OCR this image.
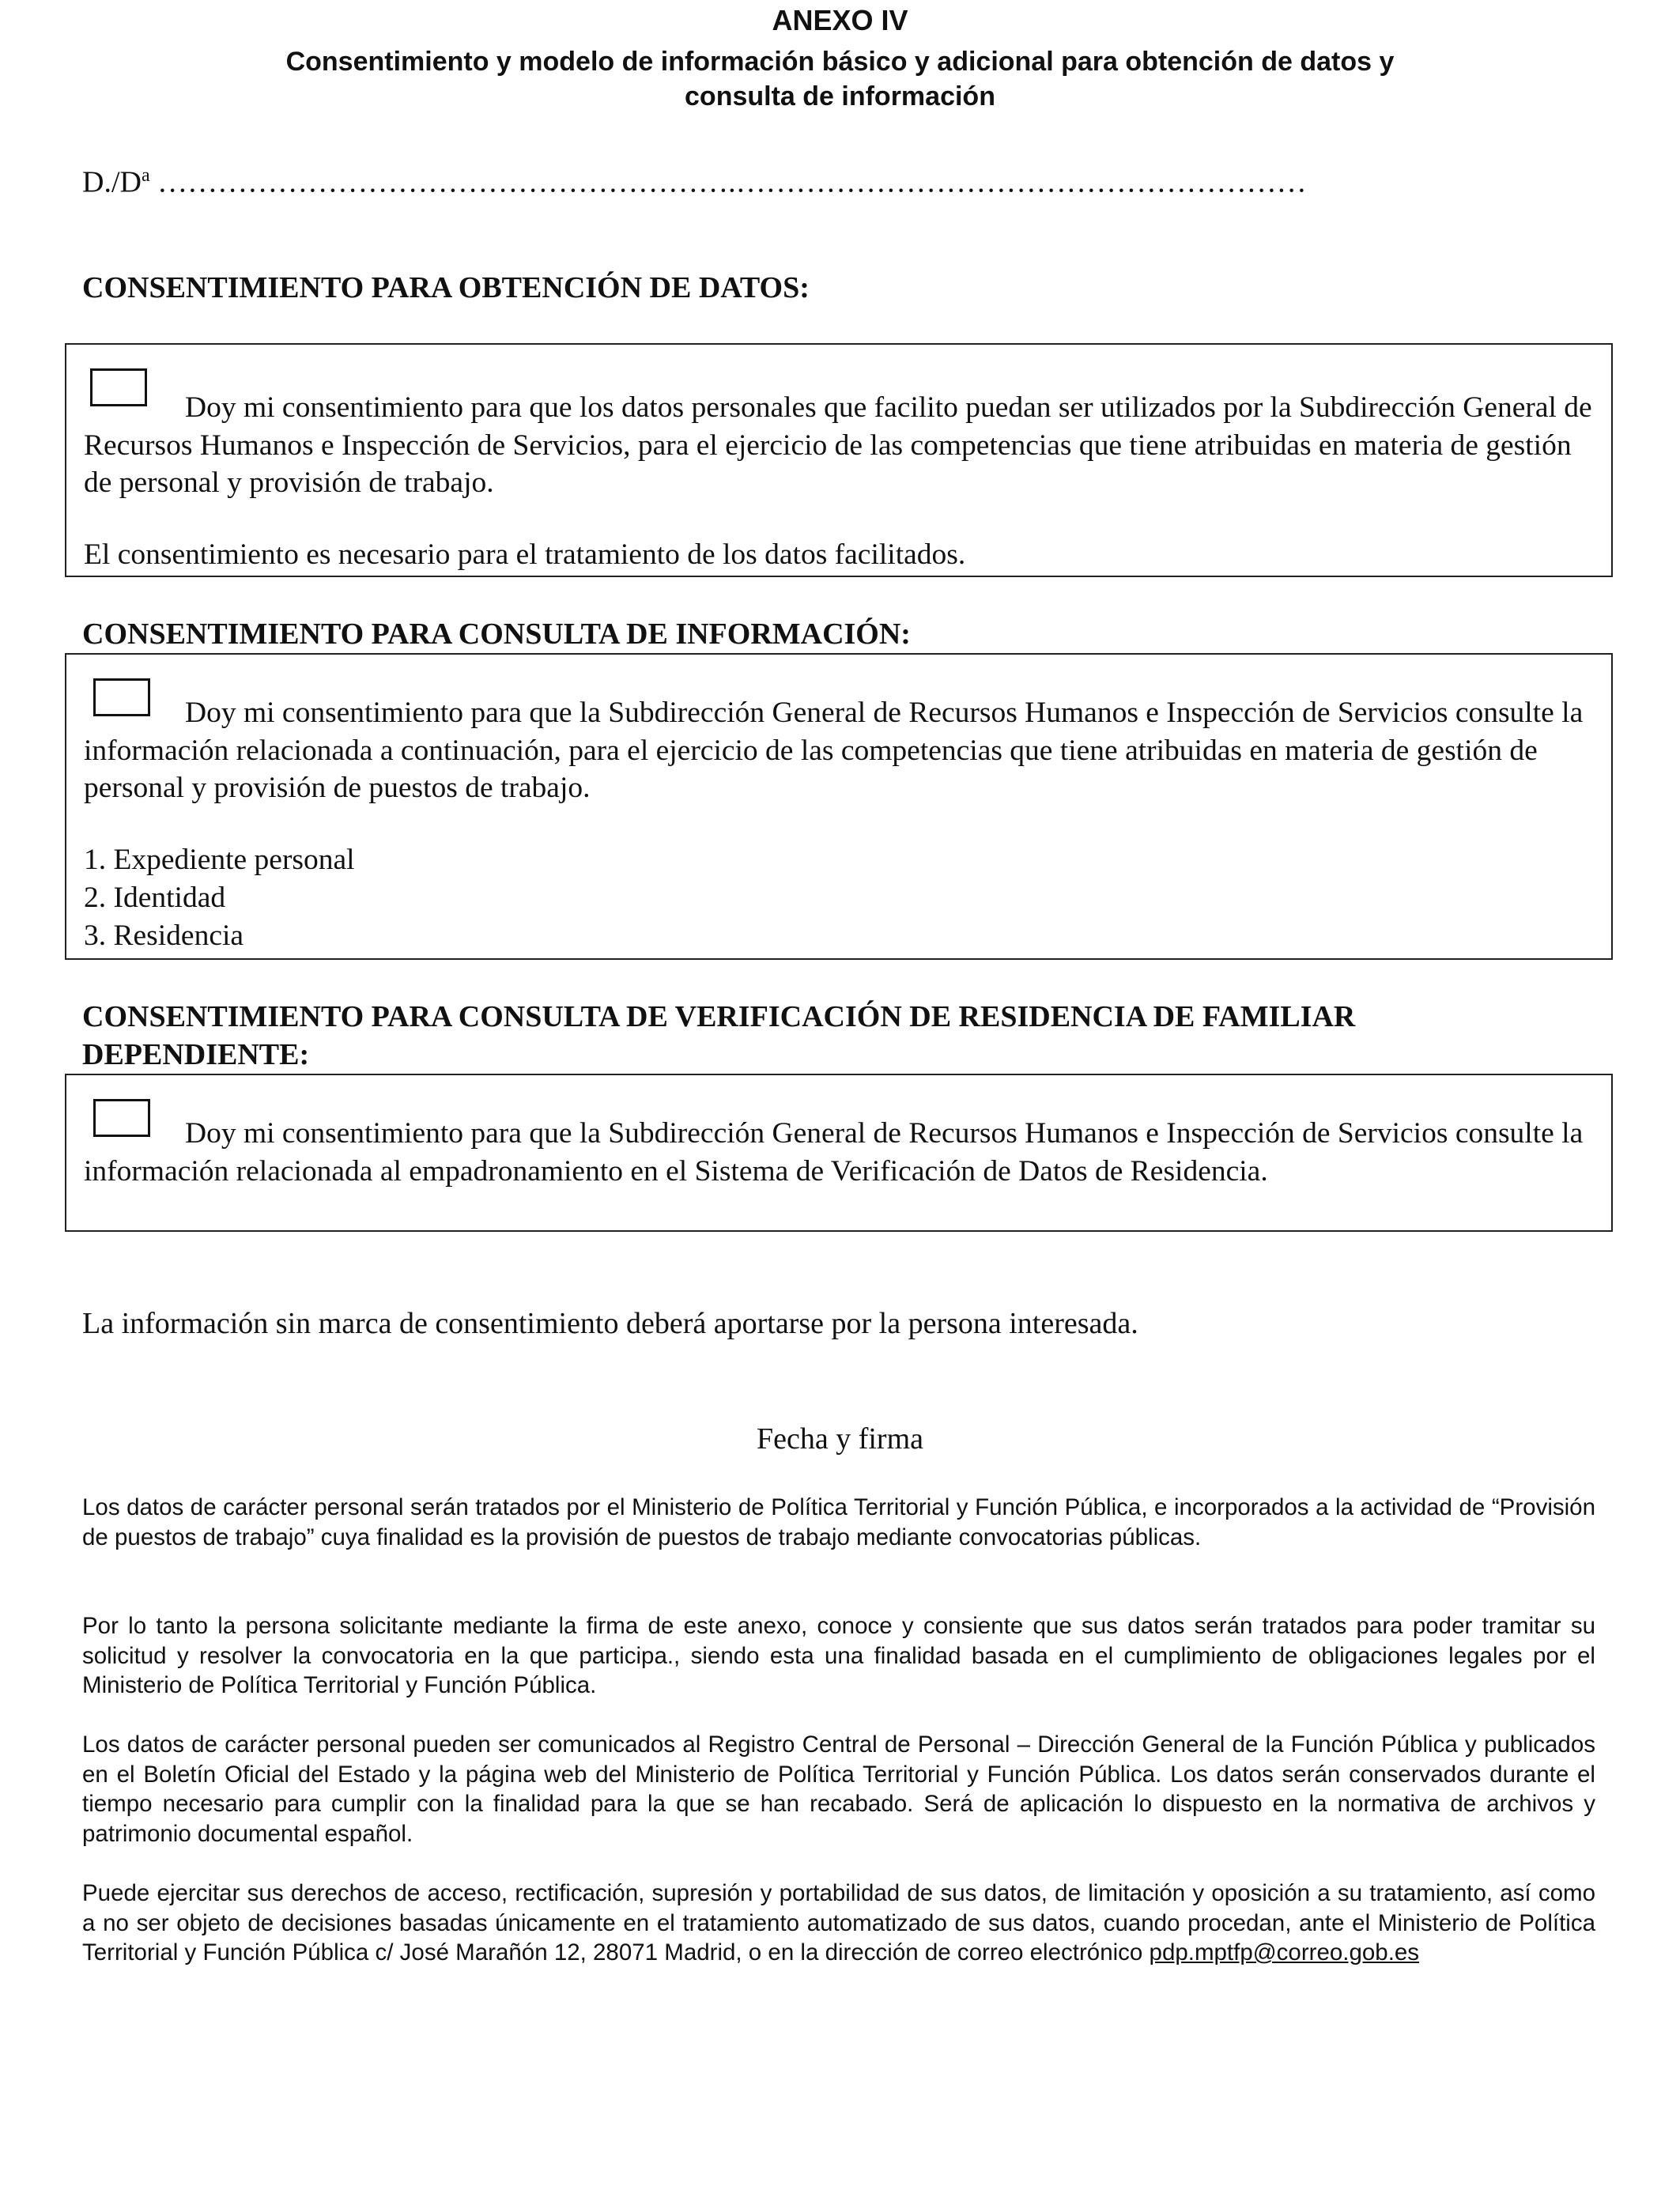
ANEXO IV
Consentimiento y modelo de información básico y adicional para obtención de datos y consulta de información
$D./D^a$ ………………………………………………….…………………………………………………
CONSENTIMIENTO PARA OBTENCIÓN DE DATOS:
Doy mi consentimiento para que los datos personales que facilito puedan ser utilizados por la Subdirección General de Recursos Humanos e Inspección de Servicios, para el ejercicio de las competencias que tiene atribuidas en materia de gestión de personal y provisión de trabajo.
El consentimiento es necesario para el tratamiento de los datos facilitados.
CONSENTIMIENTO PARA CONSULTA DE INFORMACIÓN:
Doy mi consentimiento para que la Subdirección General de Recursos Humanos e Inspección de Servicios consulte la información relacionada a continuación, para el ejercicio de las competencias que tiene atribuidas en materia de gestión de personal y provisión de puestos de trabajo.
1. Expediente personal
2. Identidad
3. Residencia
CONSENTIMIENTO PARA CONSULTA DE VERIFICACIÓN DE RESIDENCIA DE FAMILIAR
DEPENDIENTE:
Doy mi consentimiento para que la Subdirección General de Recursos Humanos e Inspección de Servicios consulte la información relacionada al empadronamiento en el Sistema de Verificación de Datos de Residencia.
La información sin marca de consentimiento deberá aportarse por la persona interesada.
Fecha y firma
Los datos de carácter personal serán tratados por el Ministerio de Política Territorial y Función Pública, e incorporados a la actividad de “Provisión de puestos de trabajo” cuya finalidad es la provisión de puestos de trabajo mediante convocatorias públicas.
Por lo tanto la persona solicitante mediante la firma de este anexo, conoce y consiente que sus datos serán tratados para poder tramitar su solicitud y resolver la convocatoria en la que participa., siendo esta una finalidad basada en el cumplimiento de obligaciones legales por el Ministerio de Política Territorial y Función Pública.
Los datos de carácter personal pueden ser comunicados al Registro Central de Personal – Dirección General de la Función Pública y publicados en el Boletín Oficial del Estado y la página web del Ministerio de Política Territorial y Función Pública. Los datos serán conservados durante el tiempo necesario para cumplir con la finalidad para la que se han recabado. Será de aplicación lo dispuesto en la normativa de archivos y patrimonio documental español.
Puede ejercitar sus derechos de acceso, rectificación, supresión y portabilidad de sus datos, de limitación y oposición a su tratamiento, así como a no ser objeto de decisiones basadas únicamente en el tratamiento automatizado de sus datos, cuando procedan, ante el Ministerio de Política Territorial y Función Pública c/ José Marañón 12, 28071 Madrid, o en la dirección de correo electrónico pdp.mptfp@correo.gob.es
